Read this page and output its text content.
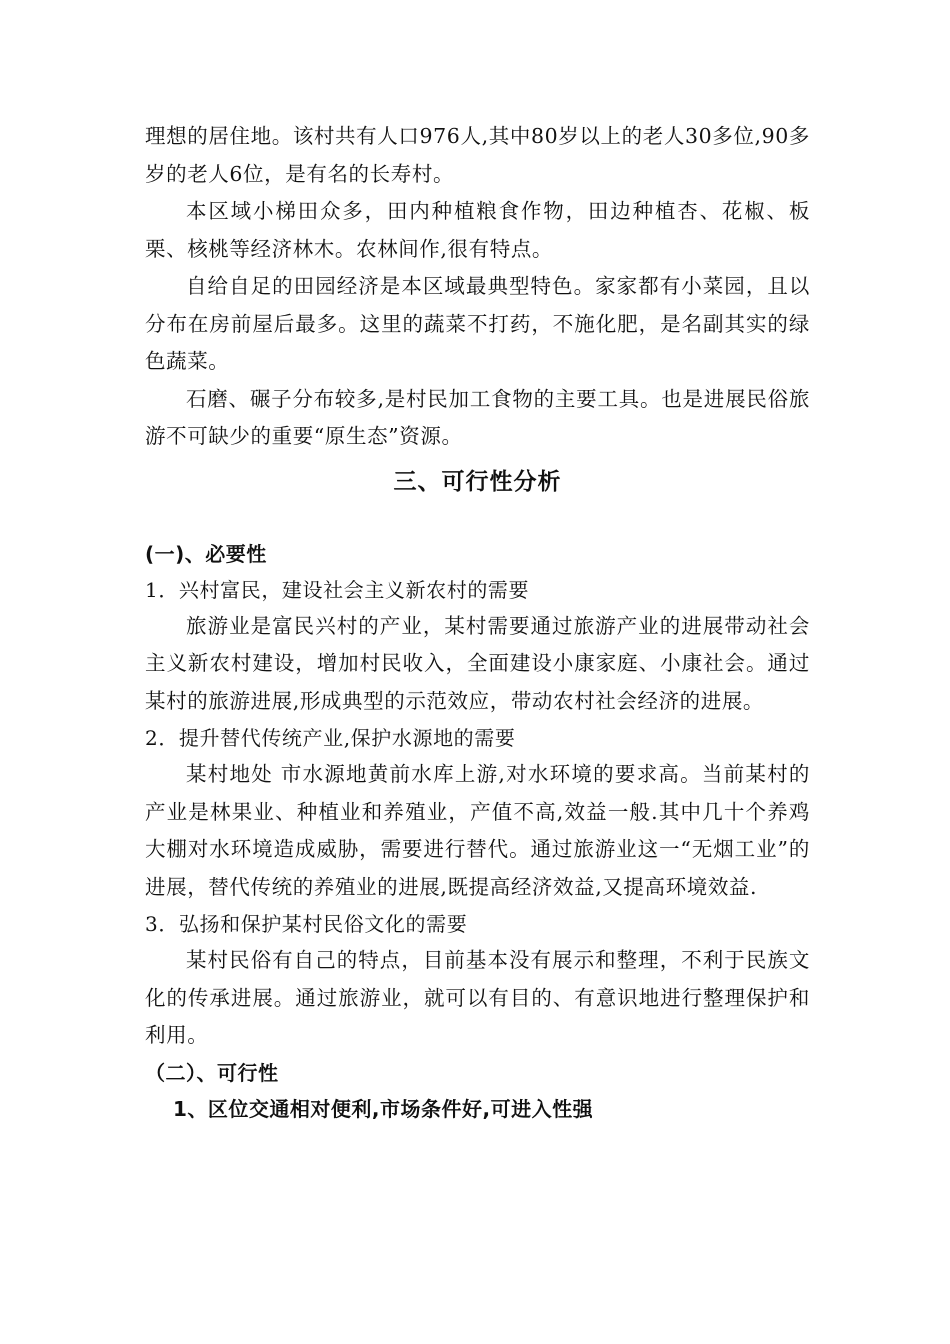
理想的居住地。该村共有人口976人,其中80岁以上的老人30多位,90多岁的老人6位，是有名的长寿村。

本区域小梯田众多，田内种植粮食作物，田边种植杏、花椒、板栗、核桃等经济林木。农林间作,很有特点。

自给自足的田园经济是本区域最典型特色。家家都有小菜园，且以分布在房前屋后最多。这里的蔬菜不打药，不施化肥，是名副其实的绿色蔬菜。

石磨、碾子分布较多,是村民加工食物的主要工具。也是进展民俗旅游不可缺少的重要“原生态”资源。

三、可行性分析

(一)、必要性

1．兴村富民，建设社会主义新农村的需要

旅游业是富民兴村的产业，某村需要通过旅游产业的进展带动社会主义新农村建设，增加村民收入，全面建设小康家庭、小康社会。通过某村的旅游进展,形成典型的示范效应，带动农村社会经济的进展。

2．提升替代传统产业,保护水源地的需要

某村地处 市水源地黄前水库上游,对水环境的要求高。当前某村的产业是林果业、种植业和养殖业，产值不高,效益一般.其中几十个养鸡大棚对水环境造成威胁，需要进行替代。通过旅游业这一“无烟工业”的进展，替代传统的养殖业的进展,既提高经济效益,又提高环境效益.

3．弘扬和保护某村民俗文化的需要

某村民俗有自己的特点，目前基本没有展示和整理，不利于民族文化的传承进展。通过旅游业，就可以有目的、有意识地进行整理保护和利用。

（二）、可行性

1、区位交通相对便利,市场条件好,可进入性强
